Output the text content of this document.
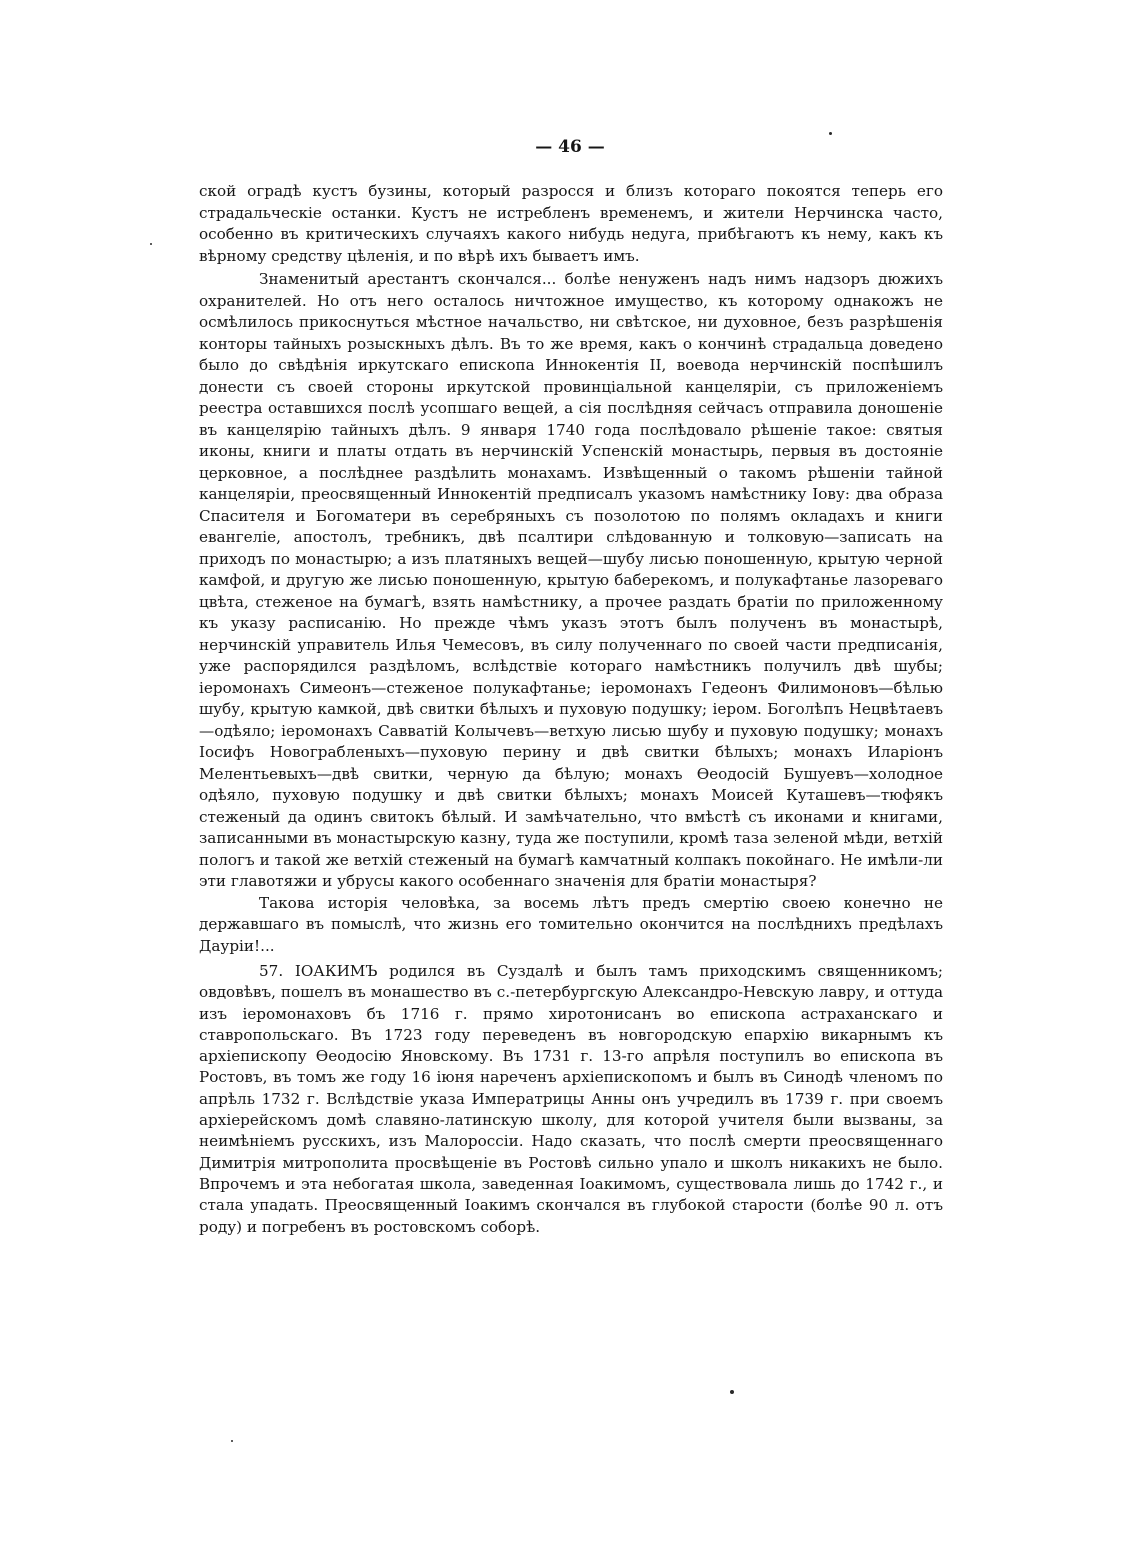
— 46 —

ской оградѣ кустъ бузины, который разросся и близъ котораго покоятся теперь его страдальческіе останки. Кустъ не истребленъ временемъ, и жители Нерчинска часто, особенно въ критическихъ случаяхъ какого нибудь недуга, прибѣгаютъ къ нему, какъ къ вѣрному средству цѣленія, и по вѣрѣ ихъ бываетъ имъ.

Знаменитый арестантъ скончался... болѣе ненуженъ надъ нимъ надзоръ дюжихъ охранителей. Но отъ него осталось ничтожное имущество, къ которому однакожъ не осмѣлилось прикоснуться мѣстное начальство, ни свѣтское, ни духовное, безъ разрѣшенія конторы тайныхъ розыскныхъ дѣлъ. Въ то же время, какъ о кончинѣ страдальца доведено было до свѣдѣнія иркутскаго епископа Иннокентія II, воевода нерчинскій поспѣшилъ донести съ своей стороны иркутской провинціальной канцеляріи, съ приложеніемъ реестра оставшихся послѣ усопшаго вещей, а сія послѣдняя сейчасъ отправила доношеніе въ канцелярію тайныхъ дѣлъ. 9 января 1740 года послѣдовало рѣшеніе такое: святыя иконы, книги и платы отдать въ нерчинскій Успенскій монастырь, первыя въ достояніе церковное, а послѣднее раздѣлить монахамъ. Извѣщенный о такомъ рѣшеніи тайной канцеляріи, преосвященный Иннокентій предписалъ указомъ намѣстнику Іову: два образа Спасителя и Богоматери въ серебряныхъ съ позолотою по полямъ окладахъ и книги евангеліе, апостолъ, требникъ, двѣ псалтири слѣдованную и толковую—записать на приходъ по монастырю; а изъ платяныхъ вещей—шубу лисью поношенную, крытую черной камфой, и другую же лисью поношенную, крытую баберекомъ, и полукафтанье лазореваго цвѣта, стеженое на бумагѣ, взять намѣстнику, а прочее раздать братіи по приложенному къ указу расписанію. Но прежде чѣмъ указъ этотъ былъ полученъ въ монастырѣ, нерчинскій управитель Илья Чемесовъ, въ силу полученнаго по своей части предписанія, уже распорядился раздѣломъ, вслѣдствіе котораго намѣстникъ получилъ двѣ шубы; іеромонахъ Симеонъ—стеженое полукафтанье; іеромонахъ Гедеонъ Филимоновъ—бѣлью шубу, крытую камкой, двѣ свитки бѣлыхъ и пуховую подушку; іером. Боголѣпъ Нецвѣтаевъ—одѣяло; іеромонахъ Савватій Колычевъ—ветхую лисью шубу и пуховую подушку; монахъ Іосифъ Новограбленыхъ—пуховую перину и двѣ свитки бѣлыхъ; монахъ Иларіонъ Мелентьевыхъ—двѣ свитки, черную да бѣлую; монахъ Ѳеодосій Бушуевъ—холодное одѣяло, пуховую подушку и двѣ свитки бѣлыхъ; монахъ Моисей Куташевъ—тюфякъ стеженый да одинъ свитокъ бѣлый. И замѣчательно, что вмѣстѣ съ иконами и книгами, записанными въ монастырскую казну, туда же поступили, кромѣ таза зеленой мѣди, ветхій пологъ и такой же ветхій стеженый на бумагѣ камчатный колпакъ покойнаго. Не имѣли-ли эти главотяжи и убрусы какого особеннаго значенія для братіи монастыря?

Такова исторія человѣка, за восемь лѣтъ предъ смертію своею конечно не державшаго въ помыслѣ, что жизнь его томительно окончится на послѣднихъ предѣлахъ Дауріи!...

57. ІОАКИМЪ родился въ Суздалѣ и былъ тамъ приходскимъ священникомъ; овдовѣвъ, пошелъ въ монашество въ с.-петербургскую Александро-Невскую лавру, и оттуда изъ іеромонаховъ бъ 1716 г. прямо хиротонисанъ во епископа астраханскаго и ставропольскаго. Въ 1723 году переведенъ въ новгородскую епархію викарнымъ къ архіепископу Ѳеодосію Яновскому. Въ 1731 г. 13-го апрѣля поступилъ во епископа въ Ростовъ, въ томъ же году 16 іюня нареченъ архіепископомъ и былъ въ Синодѣ членомъ по апрѣль 1732 г. Вслѣдствіе указа Императрицы Анны онъ учредилъ въ 1739 г. при своемъ архіерейскомъ домѣ славяно-латинскую школу, для которой учителя были вызваны, за неимѣніемъ русскихъ, изъ Малороссіи. Надо сказать, что послѣ смерти преосвященнаго Димитрія митрополита просвѣщеніе въ Ростовѣ сильно упало и школъ никакихъ не было. Впрочемъ и эта небогатая школа, заведенная Іоакимомъ, существовала лишь до 1742 г., и стала упадать. Преосвященный Іоакимъ скончался въ глубокой старости (болѣе 90 л. отъ роду) и погребенъ въ ростовскомъ соборѣ.
